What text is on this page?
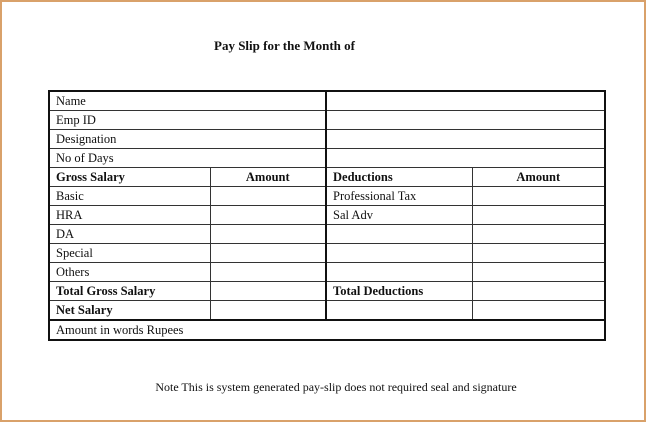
Pay Slip for the Month of
Name			
Emp ID			
Designation			
No of Days			
Gross Salary	Amount	Deductions	Amount
Basic		Professional Tax	
HRA		Sal Adv	
DA			
Special			
Others			
Total Gross Salary		Total Deductions	
Net Salary			
Amount in words Rupees			
Note This is system generated pay-slip does not required seal and signature
